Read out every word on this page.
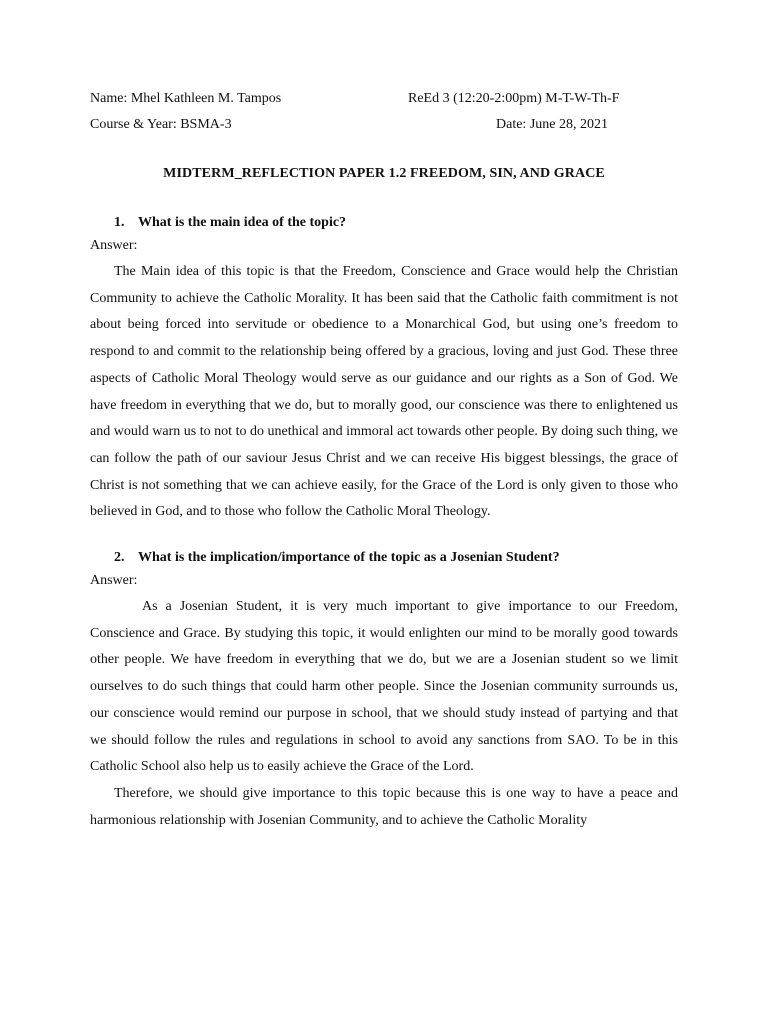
Name: Mhel Kathleen M. Tampos	ReEd 3 (12:20-2:00pm) M-T-W-Th-F
Course & Year: BSMA-3	Date: June 28, 2021
MIDTERM_REFLECTION PAPER 1.2 FREEDOM, SIN, AND GRACE
1. What is the main idea of the topic?
Answer:

The Main idea of this topic is that the Freedom, Conscience and Grace would help the Christian Community to achieve the Catholic Morality. It has been said that the Catholic faith commitment is not about being forced into servitude or obedience to a Monarchical God, but using one’s freedom to respond to and commit to the relationship being offered by a gracious, loving and just God. These three aspects of Catholic Moral Theology would serve as our guidance and our rights as a Son of God. We have freedom in everything that we do, but to morally good, our conscience was there to enlightened us and would warn us to not to do unethical and immoral act towards other people. By doing such thing, we can follow the path of our saviour Jesus Christ and we can receive His biggest blessings, the grace of Christ is not something that we can achieve easily, for the Grace of the Lord is only given to those who believed in God, and to those who follow the Catholic Moral Theology.

2. What is the implication/importance of the topic as a Josenian Student?
Answer:

As a Josenian Student, it is very much important to give importance to our Freedom, Conscience and Grace. By studying this topic, it would enlighten our mind to be morally good towards other people. We have freedom in everything that we do, but we are a Josenian student so we limit ourselves to do such things that could harm other people. Since the Josenian community surrounds us, our conscience would remind our purpose in school, that we should study instead of partying and that we should follow the rules and regulations in school to avoid any sanctions from SAO. To be in this Catholic School also help us to easily achieve the Grace of the Lord.

Therefore, we should give importance to this topic because this is one way to have a peace and harmonious relationship with Josenian Community, and to achieve the Catholic Morality
